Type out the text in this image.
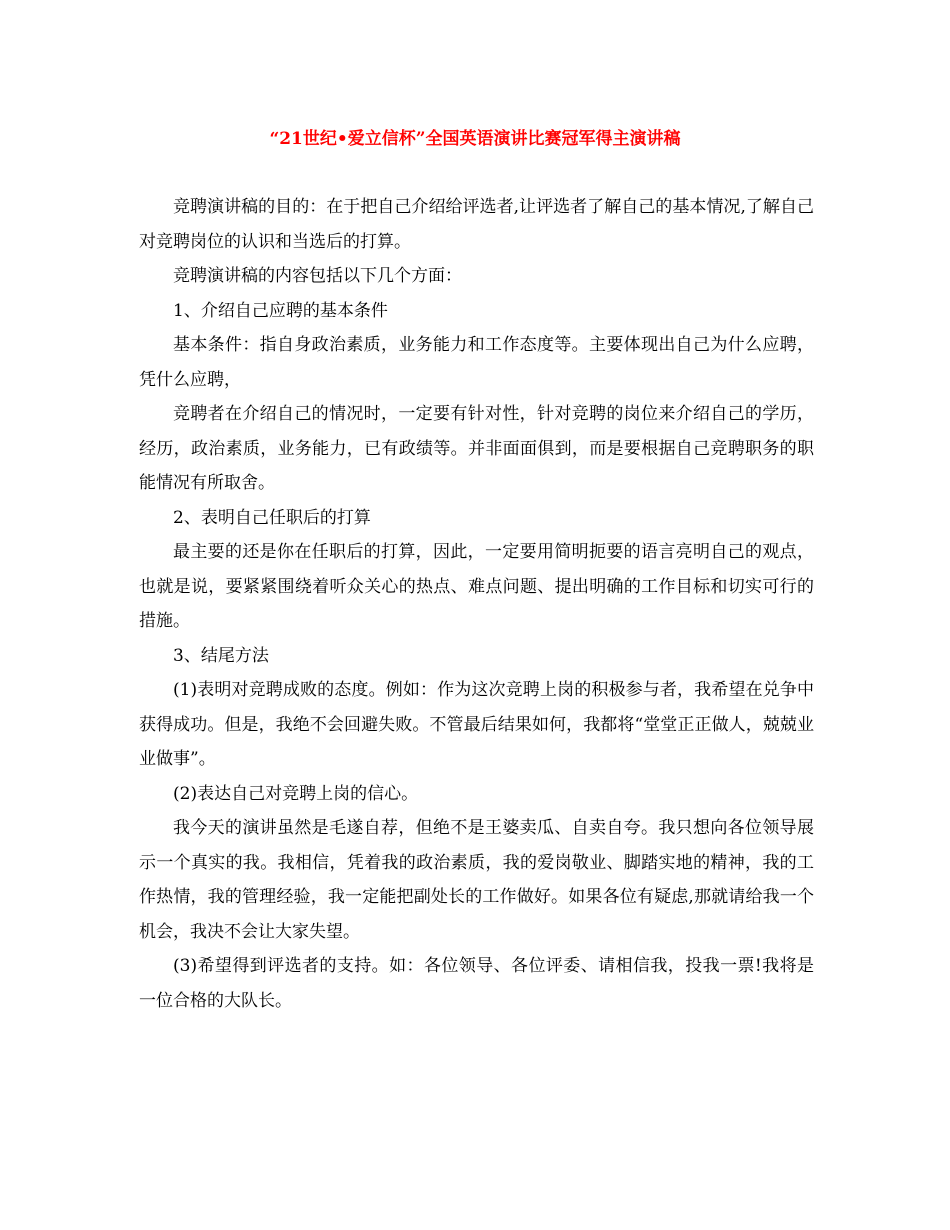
“21世纪•爱立信杯”全国英语演讲比赛冠军得主演讲稿

竞聘演讲稿的目的：在于把自己介绍给评选者,让评选者了解自己的基本情况,了解自己对竞聘岗位的认识和当选后的打算。

竞聘演讲稿的内容包括以下几个方面：

1、介绍自己应聘的基本条件

基本条件：指自身政治素质，业务能力和工作态度等。主要体现出自己为什么应聘，凭什么应聘，

竞聘者在介绍自己的情况时，一定要有针对性，针对竞聘的岗位来介绍自己的学历，经历，政治素质，业务能力，已有政绩等。并非面面俱到，而是要根据自己竞聘职务的职能情况有所取舍。

2、表明自己任职后的打算

最主要的还是你在任职后的打算，因此，一定要用简明扼要的语言亮明自己的观点，也就是说，要紧紧围绕着听众关心的热点、难点问题、提出明确的工作目标和切实可行的措施。

3、结尾方法

(1)表明对竞聘成败的态度。例如：作为这次竞聘上岗的积极参与者，我希望在兑争中获得成功。但是，我绝不会回避失败。不管最后结果如何，我都将“堂堂正正做人，兢兢业业做事”。

(2)表达自己对竞聘上岗的信心。

我今天的演讲虽然是毛遂自荐，但绝不是王婆卖瓜、自卖自夸。我只想向各位领导展示一个真实的我。我相信，凭着我的政治素质，我的爱岗敬业、脚踏实地的精神，我的工作热情，我的管理经验，我一定能把副处长的工作做好。如果各位有疑虑,那就请给我一个机会，我决不会让大家失望。

(3)希望得到评选者的支持。如：各位领导、各位评委、请相信我，投我一票!我将是一位合格的大队长。
